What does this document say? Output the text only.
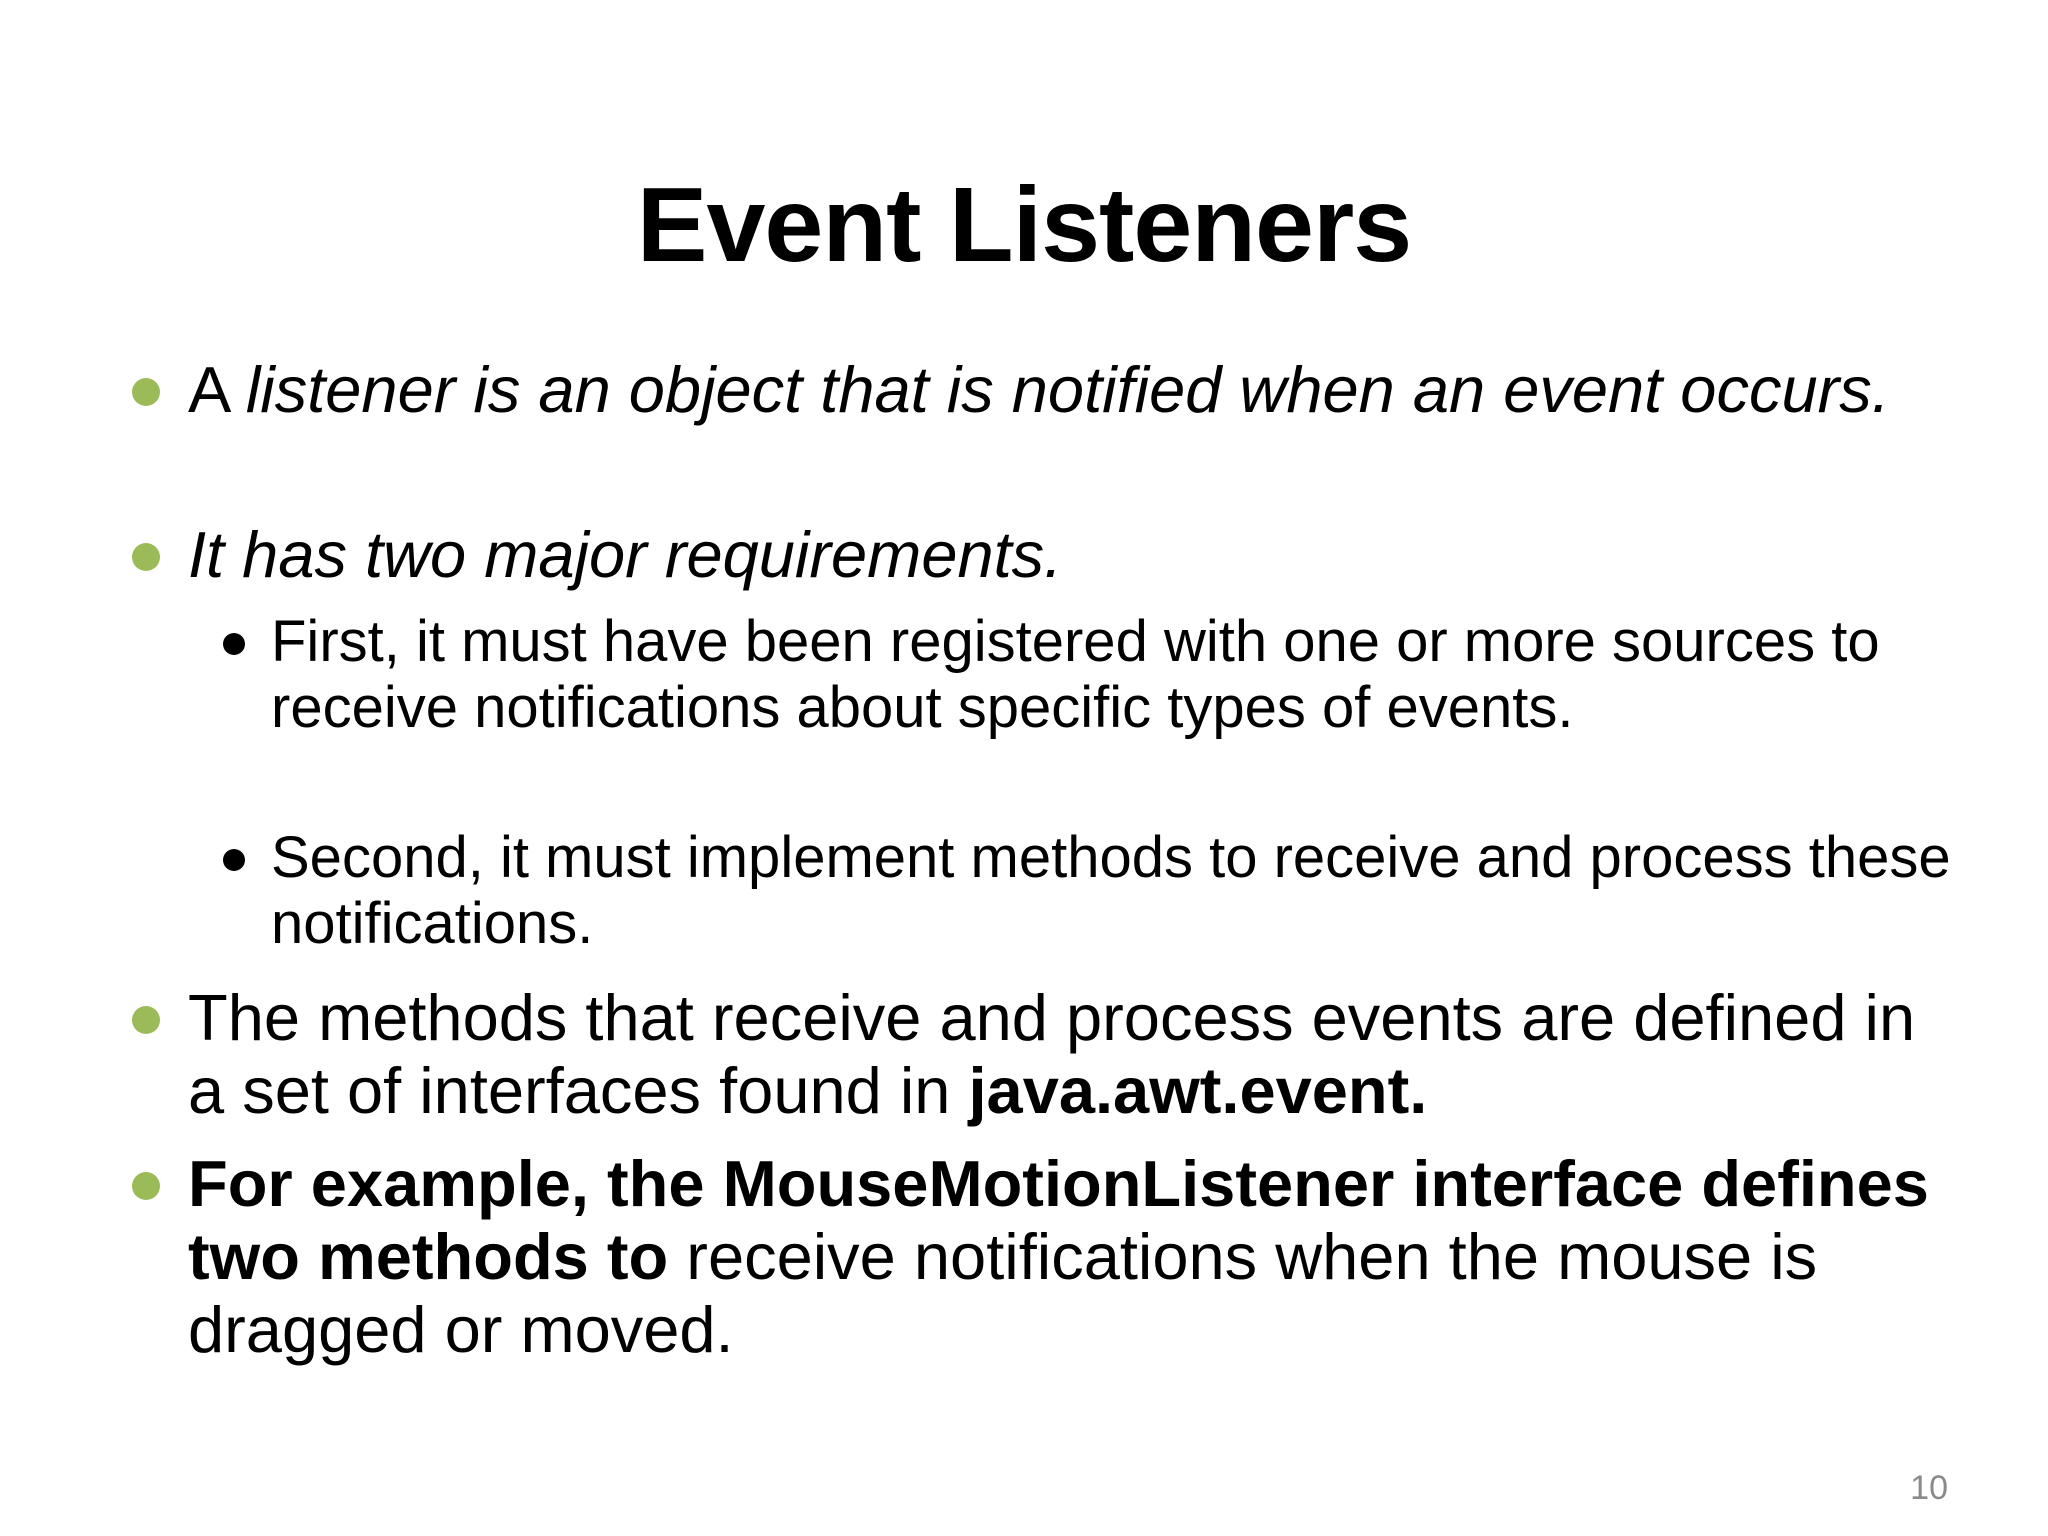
Event Listeners

A listener is an object that is notified when an event occurs.

It has two major requirements.

First, it must have been registered with one or more sources to receive notifications about specific types of events.

Second, it must implement methods to receive and process these notifications.

The methods that receive and process events are defined in a set of interfaces found in java.awt.event.

For example, the MouseMotionListener interface defines two methods to receive notifications when the mouse is dragged or moved.

10
